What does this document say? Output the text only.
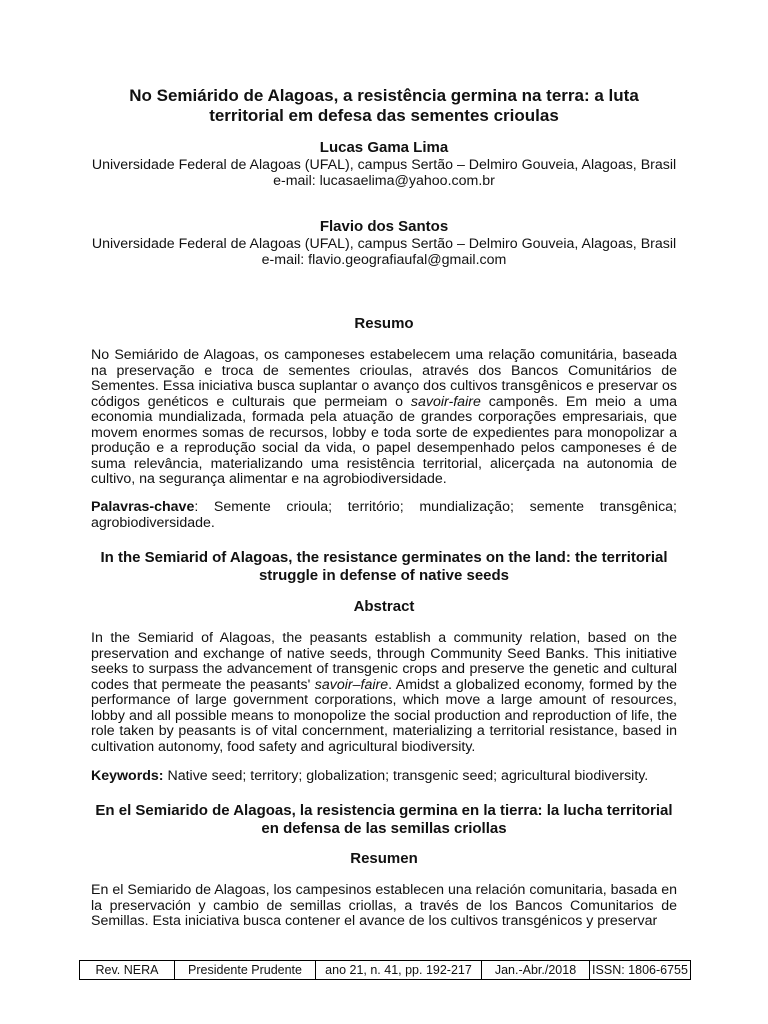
No Semiárido de Alagoas, a resistência germina na terra: a luta territorial em defesa das sementes crioulas
Lucas Gama Lima
Universidade Federal de Alagoas (UFAL), campus Sertão – Delmiro Gouveia, Alagoas, Brasil
e-mail: lucasaelima@yahoo.com.br
Flavio dos Santos
Universidade Federal de Alagoas (UFAL), campus Sertão – Delmiro Gouveia, Alagoas, Brasil
e-mail: flavio.geografiaufal@gmail.com
Resumo
No Semiárido de Alagoas, os camponeses estabelecem uma relação comunitária, baseada na preservação e troca de sementes crioulas, através dos Bancos Comunitários de Sementes. Essa iniciativa busca suplantar o avanço dos cultivos transgênicos e preservar os códigos genéticos e culturais que permeiam o savoir-faire camponês. Em meio a uma economia mundializada, formada pela atuação de grandes corporações empresariais, que movem enormes somas de recursos, lobby e toda sorte de expedientes para monopolizar a produção e a reprodução social da vida, o papel desempenhado pelos camponeses é de suma relevância, materializando uma resistência territorial, alicerçada na autonomia de cultivo, na segurança alimentar e na agrobiodiversidade.
Palavras-chave: Semente crioula; território; mundialização; semente transgênica; agrobiodiversidade.
In the Semiarid of Alagoas, the resistance germinates on the land: the territorial struggle in defense of native seeds
Abstract
In the Semiarid of Alagoas, the peasants establish a community relation, based on the preservation and exchange of native seeds, through Community Seed Banks. This initiative seeks to surpass the advancement of transgenic crops and preserve the genetic and cultural codes that permeate the peasants' savoir–faire. Amidst a globalized economy, formed by the performance of large government corporations, which move a large amount of resources, lobby and all possible means to monopolize the social production and reproduction of life, the role taken by peasants is of vital concernment, materializing a territorial resistance, based in cultivation autonomy, food safety and agricultural biodiversity.
Keywords: Native seed; territory; globalization; transgenic seed; agricultural biodiversity.
En el Semiarido de Alagoas, la resistencia germina en la tierra: la lucha territorial en defensa de las semillas criollas
Resumen
En el Semiarido de Alagoas, los campesinos establecen una relación comunitaria, basada en la preservación y cambio de semillas criollas, a través de los Bancos Comunitarios de Semillas. Esta iniciativa busca contener el avance de los cultivos transgénicos y preservar
Rev. NERA	Presidente Prudente	ano 21, n. 41, pp. 192-217	Jan.-Abr./2018	ISSN: 1806-6755
